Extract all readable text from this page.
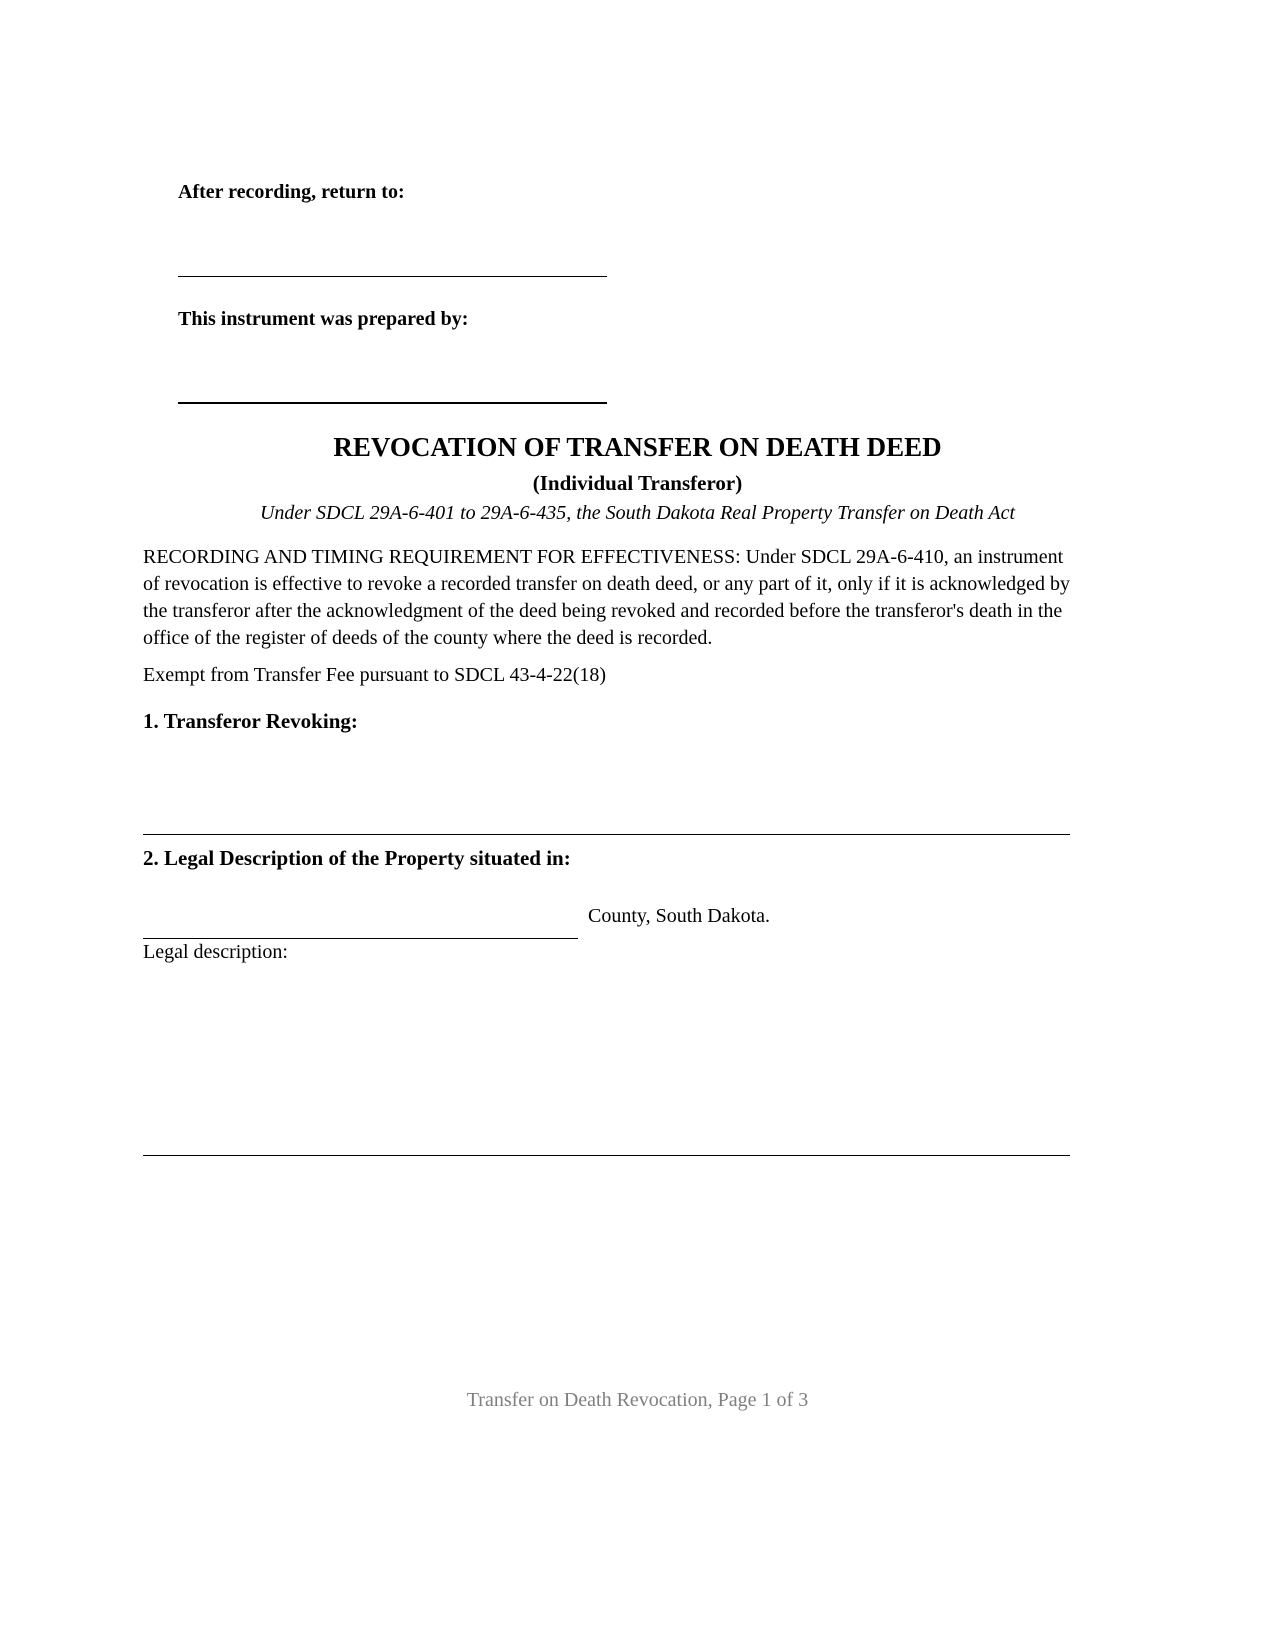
After recording, return to:
This instrument was prepared by:
REVOCATION OF TRANSFER ON DEATH DEED
(Individual Transferor)
Under SDCL 29A-6-401 to 29A-6-435, the South Dakota Real Property Transfer on Death Act
RECORDING AND TIMING REQUIREMENT FOR EFFECTIVENESS: Under SDCL 29A-6-410, an instrument of revocation is effective to revoke a recorded transfer on death deed, or any part of it, only if it is acknowledged by the transferor after the acknowledgment of the deed being revoked and recorded before the transferor's death in the office of the register of deeds of the county where the deed is recorded.
Exempt from Transfer Fee pursuant to SDCL 43-4-22(18)
1. Transferor Revoking:
2. Legal Description of the Property situated in:
County, South Dakota.
Legal description:
Transfer on Death Revocation, Page 1 of 3
